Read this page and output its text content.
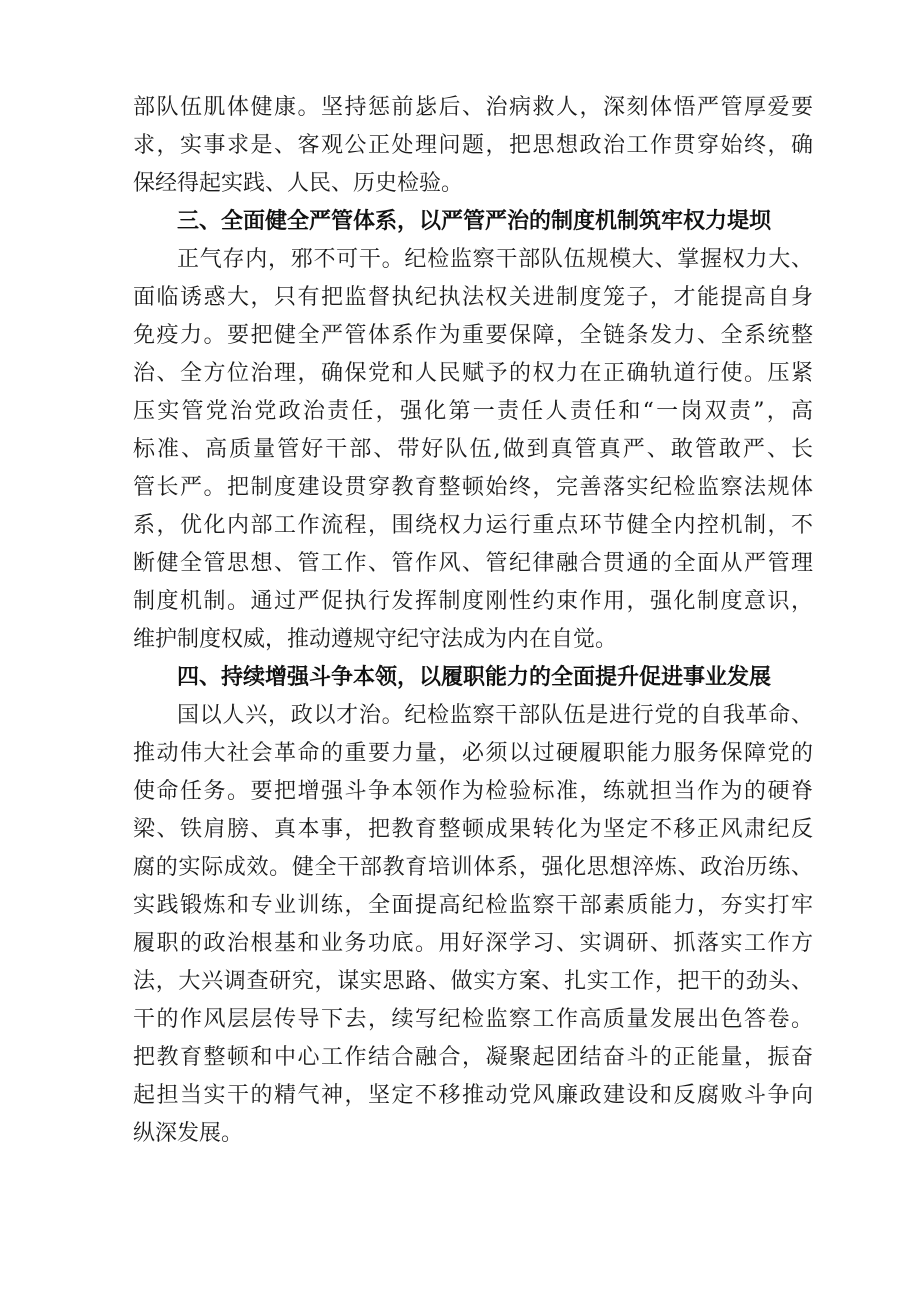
部队伍肌体健康。坚持惩前毖后、治病救人，深刻体悟严管厚爱要
求，实事求是、客观公正处理问题，把思想政治工作贯穿始终，确
保经得起实践、人民、历史检验。
三、全面健全严管体系，以严管严治的制度机制筑牢权力堤坝
正气存内，邪不可干。纪检监察干部队伍规模大、掌握权力大、
面临诱惑大，只有把监督执纪执法权关进制度笼子，才能提高自身
免疫力。要把健全严管体系作为重要保障，全链条发力、全系统整
治、全方位治理，确保党和人民赋予的权力在正确轨道行使。压紧
压实管党治党政治责任，强化第一责任人责任和“一岗双责”，高
标准、高质量管好干部、带好队伍,做到真管真严、敢管敢严、长
管长严。把制度建设贯穿教育整顿始终，完善落实纪检监察法规体
系，优化内部工作流程，围绕权力运行重点环节健全内控机制，不
断健全管思想、管工作、管作风、管纪律融合贯通的全面从严管理
制度机制。通过严促执行发挥制度刚性约束作用，强化制度意识，
维护制度权威，推动遵规守纪守法成为内在自觉。
四、持续增强斗争本领，以履职能力的全面提升促进事业发展
国以人兴，政以才治。纪检监察干部队伍是进行党的自我革命、
推动伟大社会革命的重要力量，必须以过硬履职能力服务保障党的
使命任务。要把增强斗争本领作为检验标准，练就担当作为的硬脊
梁、铁肩膀、真本事，把教育整顿成果转化为坚定不移正风肃纪反
腐的实际成效。健全干部教育培训体系，强化思想淬炼、政治历练、
实践锻炼和专业训练，全面提高纪检监察干部素质能力，夯实打牢
履职的政治根基和业务功底。用好深学习、实调研、抓落实工作方
法，大兴调查研究，谋实思路、做实方案、扎实工作，把干的劲头、
干的作风层层传导下去，续写纪检监察工作高质量发展出色答卷。
把教育整顿和中心工作结合融合，凝聚起团结奋斗的正能量，振奋
起担当实干的精气神，坚定不移推动党风廉政建设和反腐败斗争向
纵深发展。
